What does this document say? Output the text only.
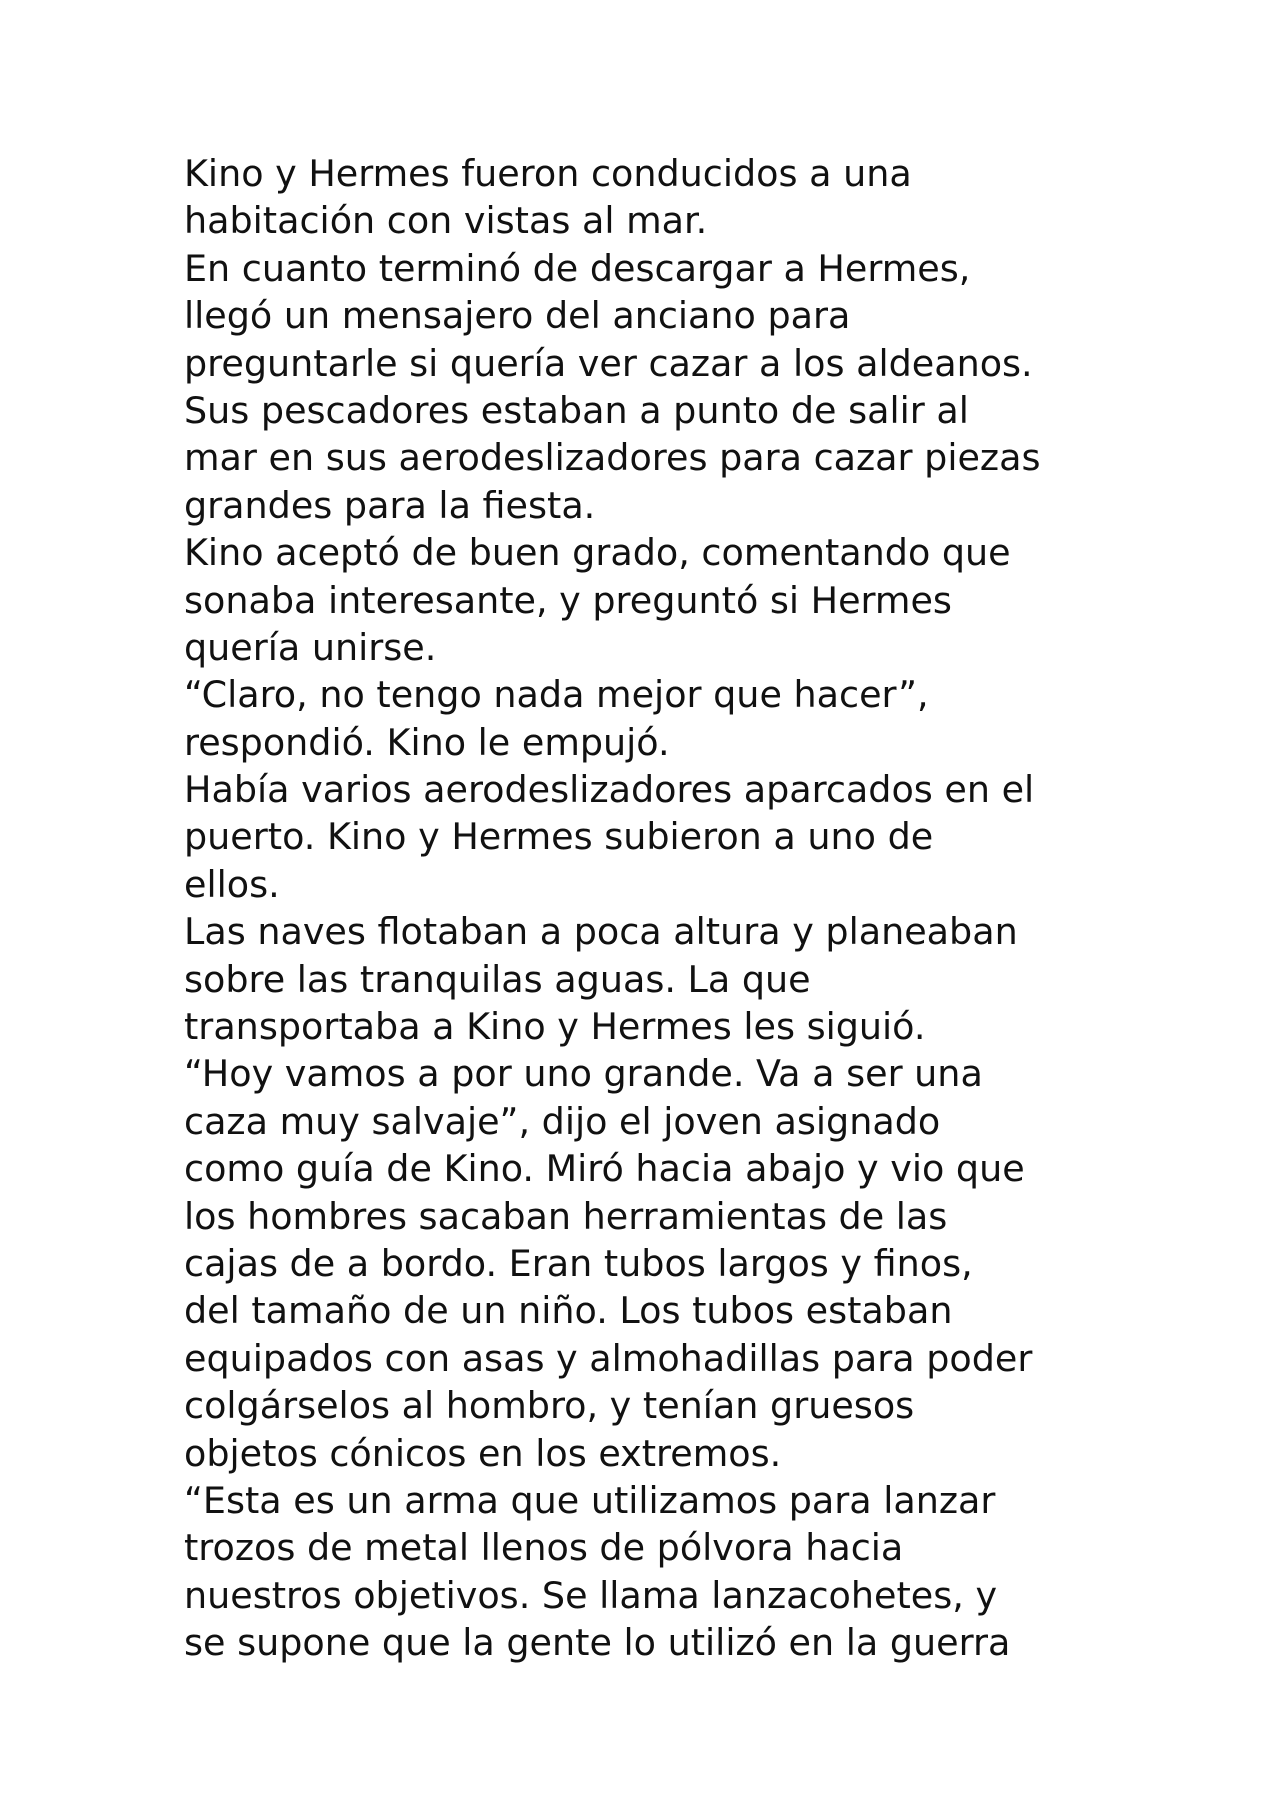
Kino y Hermes fueron conducidos a una
habitación con vistas al mar.
En cuanto terminó de descargar a Hermes,
llegó un mensajero del anciano para
preguntarle si quería ver cazar a los aldeanos.
Sus pescadores estaban a punto de salir al
mar en sus aerodeslizadores para cazar piezas
grandes para la fiesta.
Kino aceptó de buen grado, comentando que
sonaba interesante, y preguntó si Hermes
quería unirse.
“Claro, no tengo nada mejor que hacer”,
respondió. Kino le empujó.
Había varios aerodeslizadores aparcados en el
puerto. Kino y Hermes subieron a uno de
ellos.
Las naves flotaban a poca altura y planeaban
sobre las tranquilas aguas. La que
transportaba a Kino y Hermes les siguió.
“Hoy vamos a por uno grande. Va a ser una
caza muy salvaje”, dijo el joven asignado
como guía de Kino. Miró hacia abajo y vio que
los hombres sacaban herramientas de las
cajas de a bordo. Eran tubos largos y finos,
del tamaño de un niño. Los tubos estaban
equipados con asas y almohadillas para poder
colgárselos al hombro, y tenían gruesos
objetos cónicos en los extremos.
“Esta es un arma que utilizamos para lanzar
trozos de metal llenos de pólvora hacia
nuestros objetivos. Se llama lanzacohetes, y
se supone que la gente lo utilizó en la guerra
